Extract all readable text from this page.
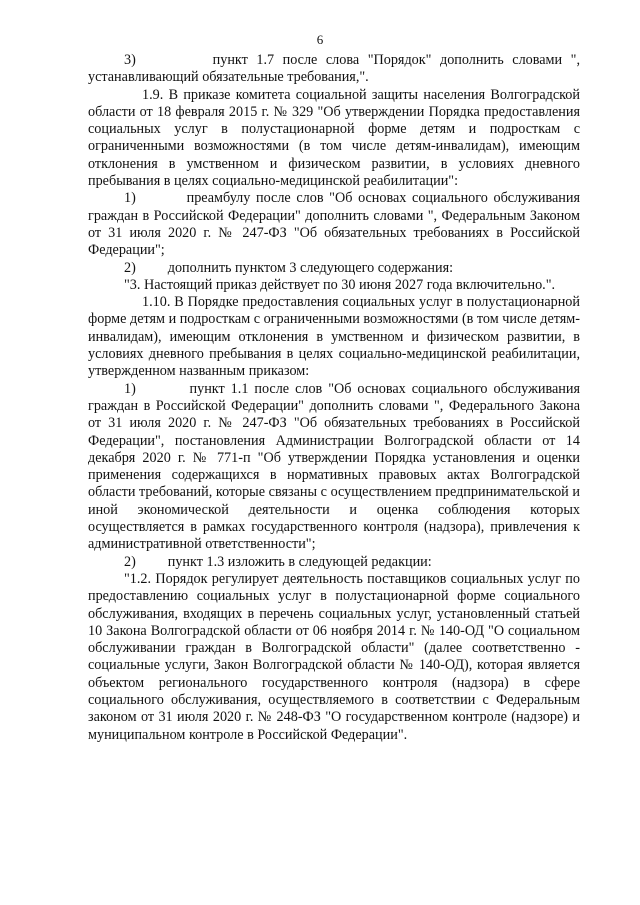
6

3)         пункт 1.7 после слова "Порядок" дополнить словами ", устанавливающий обязательные требования,".

1.9. В приказе комитета социальной защиты населения Волгоградской области от 18 февраля 2015 г. № 329 "Об утверждении Порядка предоставления социальных услуг в полустационарной форме детям и подросткам с ограниченными возможностями (в том числе детям-инвалидам), имеющим отклонения в умственном и физическом развитии, в условиях дневного пребывания в целях социально-медицинской реабилитации":

1)         преамбулу после слов "Об основах социального обслуживания граждан в Российской Федерации" дополнить словами ", Федеральным Законом от 31 июля 2020 г. № 247-ФЗ "Об обязательных требованиях в Российской Федерации";

2)         дополнить пунктом 3 следующего содержания:

"3. Настоящий приказ действует по 30 июня 2027 года включительно.".

1.10. В Порядке предоставления социальных услуг в полустационарной форме детям и подросткам с ограниченными возможностями (в том числе детям-инвалидам), имеющим отклонения в умственном и физическом развитии, в условиях дневного пребывания в целях социально-медицинской реабилитации, утвержденном названным приказом:

1)         пункт 1.1 после слов "Об основах социального обслуживания граждан в Российской Федерации" дополнить словами ", Федерального Закона от 31 июля 2020 г. № 247-ФЗ "Об обязательных требованиях в Российской Федерации", постановления Администрации Волгоградской области от 14 декабря 2020 г. № 771-п "Об утверждении Порядка установления и оценки применения содержащихся в нормативных правовых актах Волгоградской области требований, которые связаны с осуществлением предпринимательской и иной экономической деятельности и оценка соблюдения которых осуществляется в рамках государственного контроля (надзора), привлечения к административной ответственности";

2)         пункт 1.3 изложить в следующей редакции:

"1.2. Порядок регулирует деятельность поставщиков социальных услуг по предоставлению социальных услуг в полустационарной форме социального обслуживания, входящих в перечень социальных услуг, установленный статьей 10 Закона Волгоградской области от 06 ноября 2014 г. № 140-ОД "О социальном обслуживании граждан в Волгоградской области" (далее соответственно - социальные услуги, Закон Волгоградской области № 140-ОД), которая является объектом регионального государственного контроля (надзора) в сфере социального обслуживания, осуществляемого в соответствии с Федеральным законом от 31 июля 2020 г. № 248-ФЗ "О государственном контроле (надзоре) и муниципальном контроле в Российской Федерации".
